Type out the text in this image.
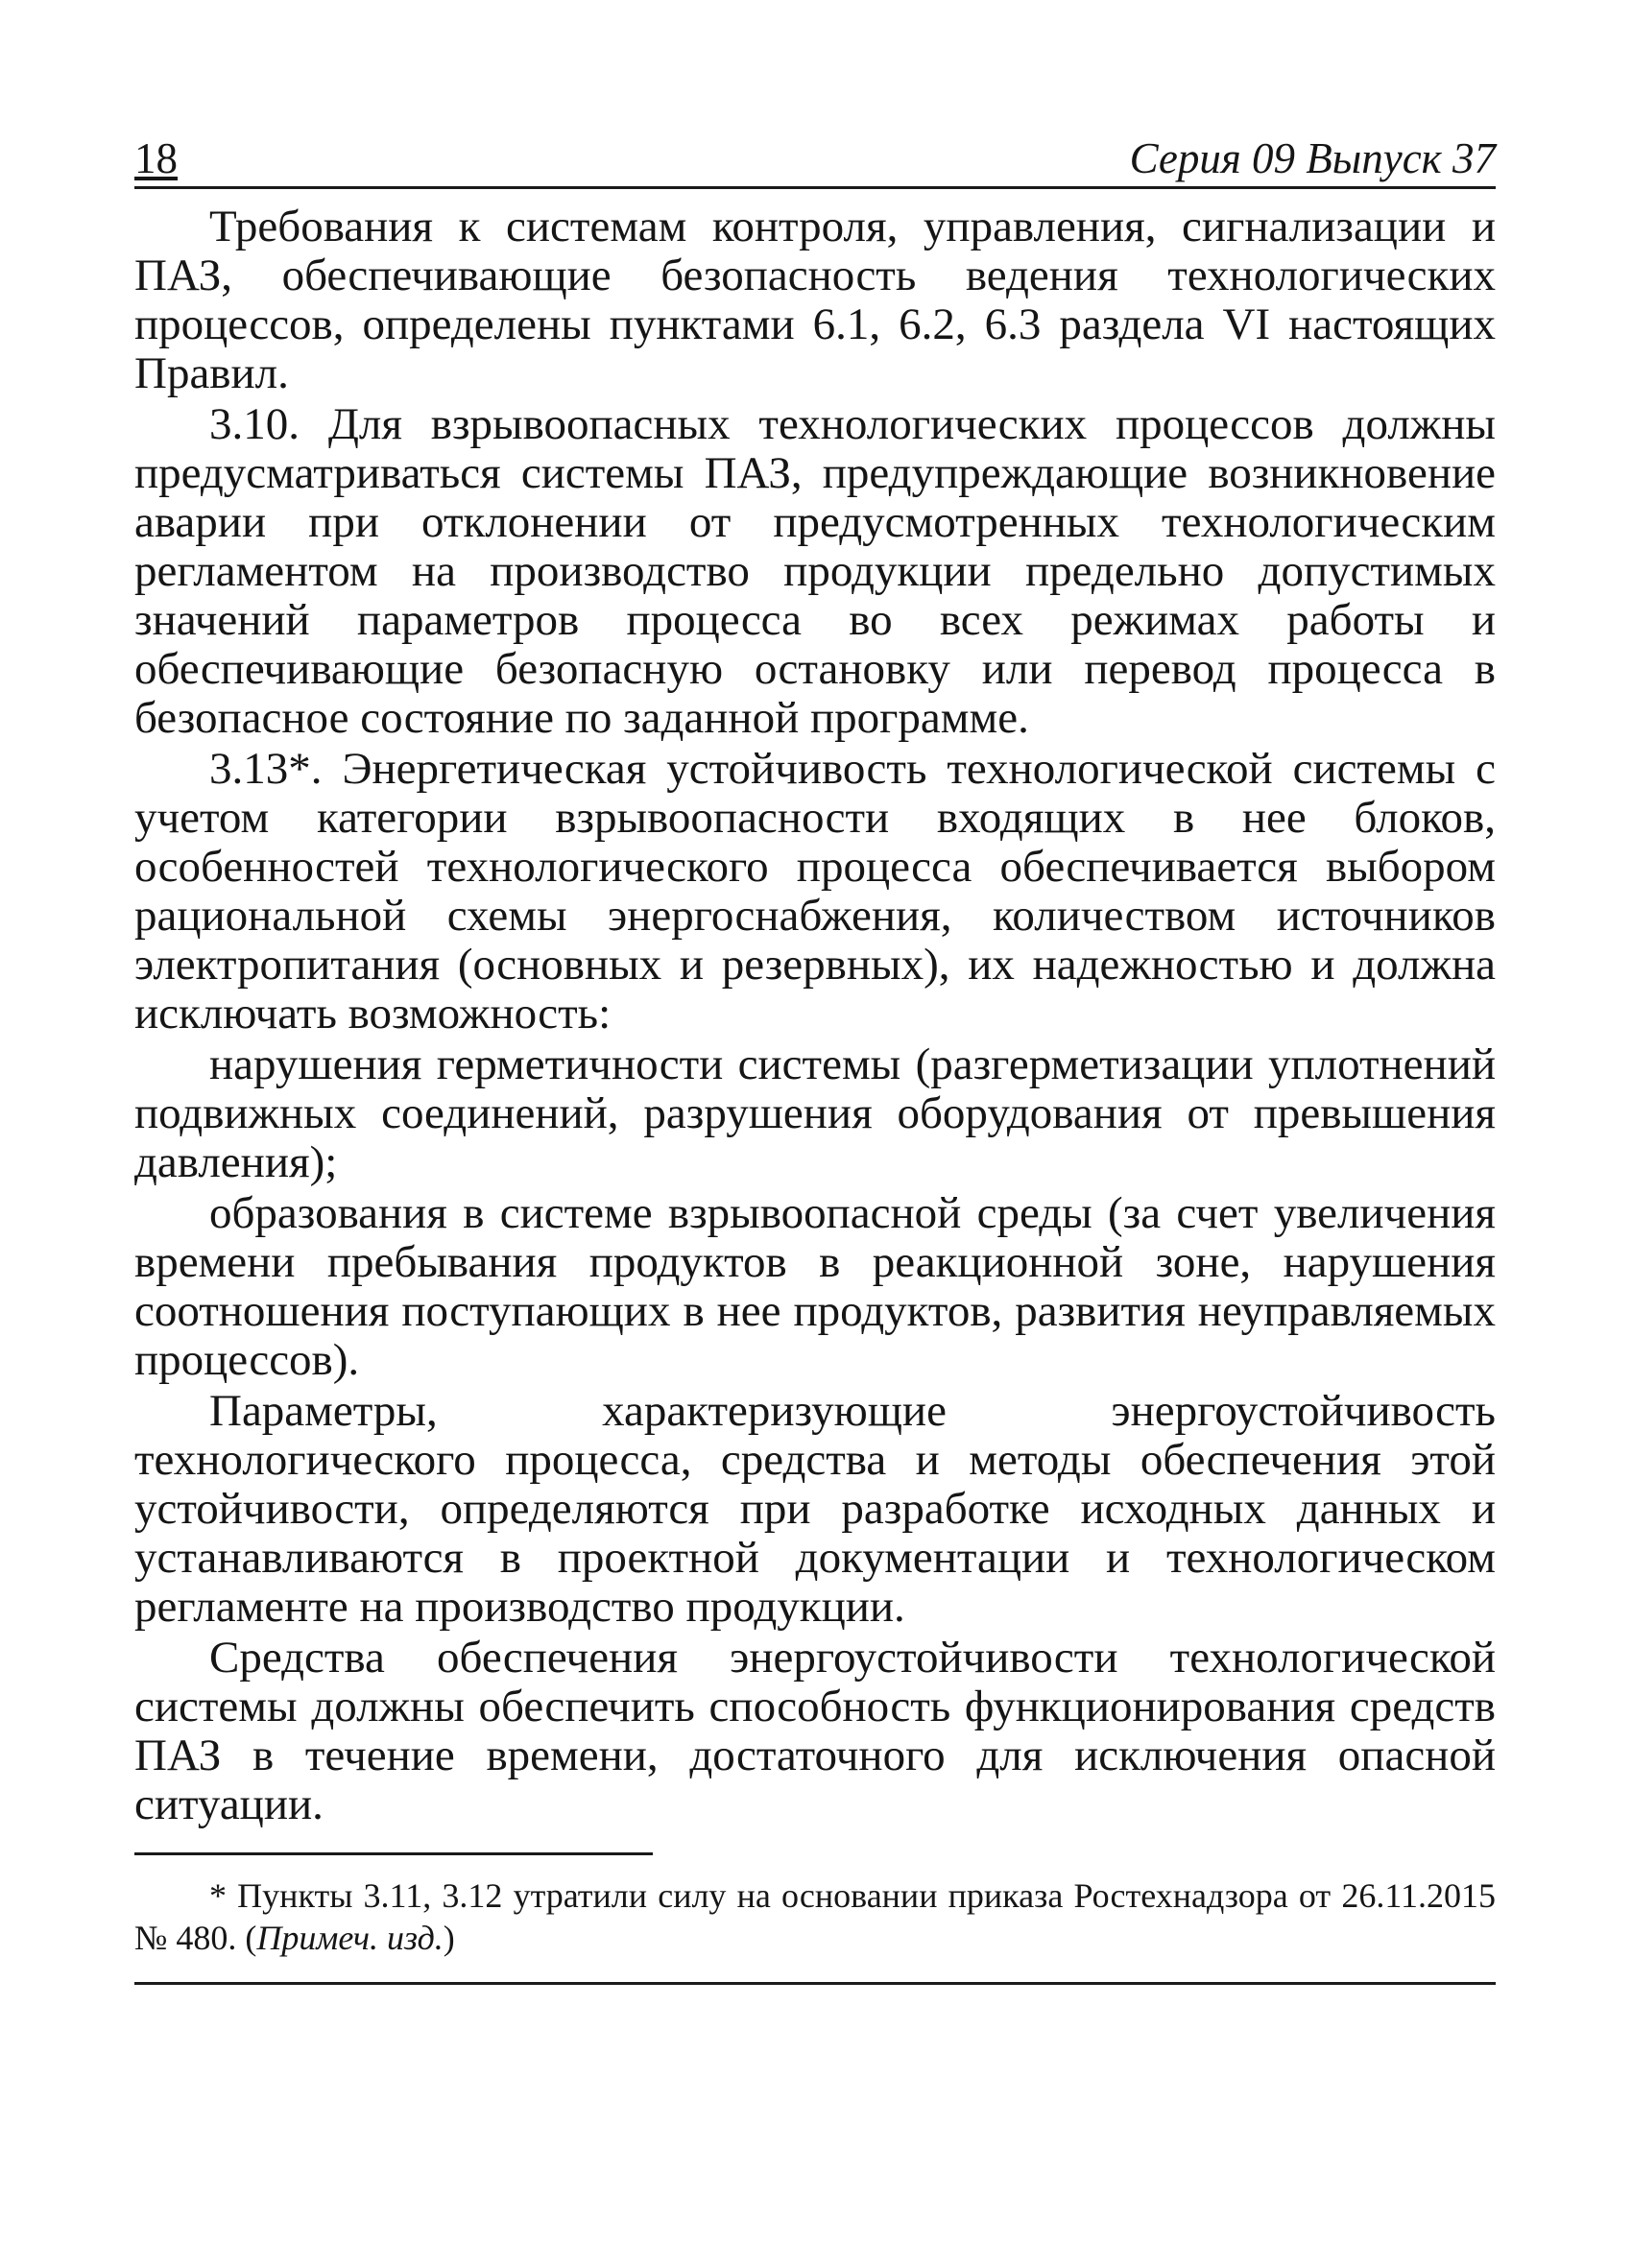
18	Серия 09 Выпуск 37

Требования к системам контроля, управления, сигнализации и ПАЗ, обеспечивающие безопасность ведения технологических процессов, определены пунктами 6.1, 6.2, 6.3 раздела VI настоящих Правил.

3.10. Для взрывоопасных технологических процессов должны предусматриваться системы ПАЗ, предупреждающие возникновение аварии при отклонении от предусмотренных технологическим регламентом на производство продукции предельно допустимых значений параметров процесса во всех режимах работы и обеспечивающие безопасную остановку или перевод процесса в безопасное состояние по заданной программе.

3.13*. Энергетическая устойчивость технологической системы с учетом категории взрывоопасности входящих в нее блоков, особенностей технологического процесса обеспечивается выбором рациональной схемы энергоснабжения, количеством источников электропитания (основных и резервных), их надежностью и должна исключать возможность:

нарушения герметичности системы (разгерметизации уплотнений подвижных соединений, разрушения оборудования от превышения давления);

образования в системе взрывоопасной среды (за счет увеличения времени пребывания продуктов в реакционной зоне, нарушения соотношения поступающих в нее продуктов, развития неуправляемых процессов).

Параметры, характеризующие энергоустойчивость технологического процесса, средства и методы обеспечения этой устойчивости, определяются при разработке исходных данных и устанавливаются в проектной документации и технологическом регламенте на производство продукции.

Средства обеспечения энергоустойчивости технологической системы должны обеспечить способность функционирования средств ПАЗ в течение времени, достаточного для исключения опасной ситуации.

* Пункты 3.11, 3.12 утратили силу на основании приказа Ростехнадзора от 26.11.2015 № 480. (Примеч. изд.)
